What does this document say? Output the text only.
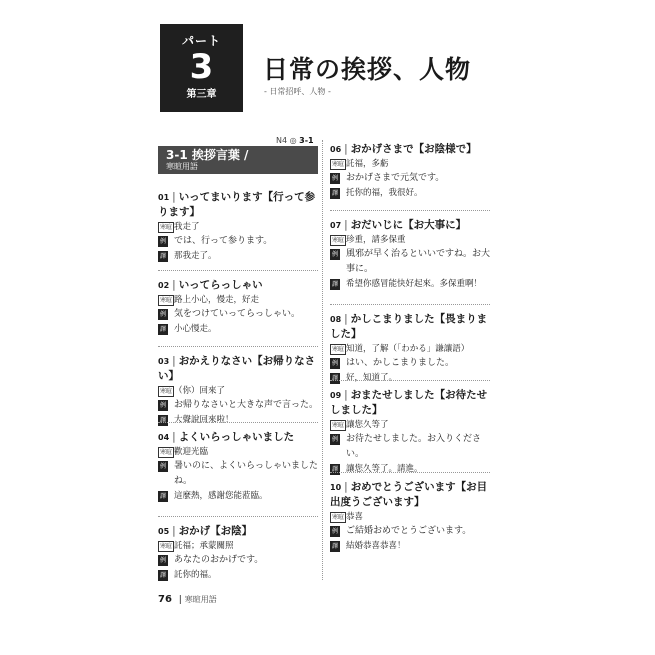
パート
3
第三章
日常の挨拶、人物
- 日常招呼、人物 -
N4 ◎ 3-1
3-1 挨拶言葉 /
寒暄用語
01 | いってまいります【行って参ります】
寒暄 我走了
例 では、行って参ります。
譯 那我走了。
02 | いってらっしゃい
寒暄 路上小心，慢走，好走
例 気をつけていってらっしゃい。
譯 小心慢走。
03 | おかえりなさい【お帰りなさい】
寒暄 （你）回來了
例 お帰りなさいと大きな声で言った。
譯 大聲說回來啦！
04 | よくいらっしゃいました
寒暄 歡迎光臨
例 暑いのに、よくいらっしゃいましたね。
譯 這麼熱，感謝您能蒞臨。
05 | おかげ【お陰】
寒暄 託福；承蒙關照
例 あなたのおかげです。
譯 託你的福。
06 | おかげさまで【お陰様で】
寒暄 託福，多虧
例 おかげさまで元気です。
譯 托你的福，我很好。
07 | おだいじに【お大事に】
寒暄 珍重，請多保重
例 風邪が早く治るといいですね。お大事に。
譯 希望你感冒能快好起來。多保重啊！
08 | かしこまりました【畏まりました】
寒暄 知道，了解（「わかる」謙讓語）
例 はい、かしこまりました。
譯 好，知道了。
09 | おまたせしました【お待たせしました】
寒暄 讓您久等了
例 お待たせしました。お入りください。
譯 讓您久等了。請進。
10 | おめでとうございます【お目出度うございます】
寒暄 恭喜
例 ご結婚おめでとうございます。
譯 結婚恭喜恭喜！
76 | 寒暄用語
